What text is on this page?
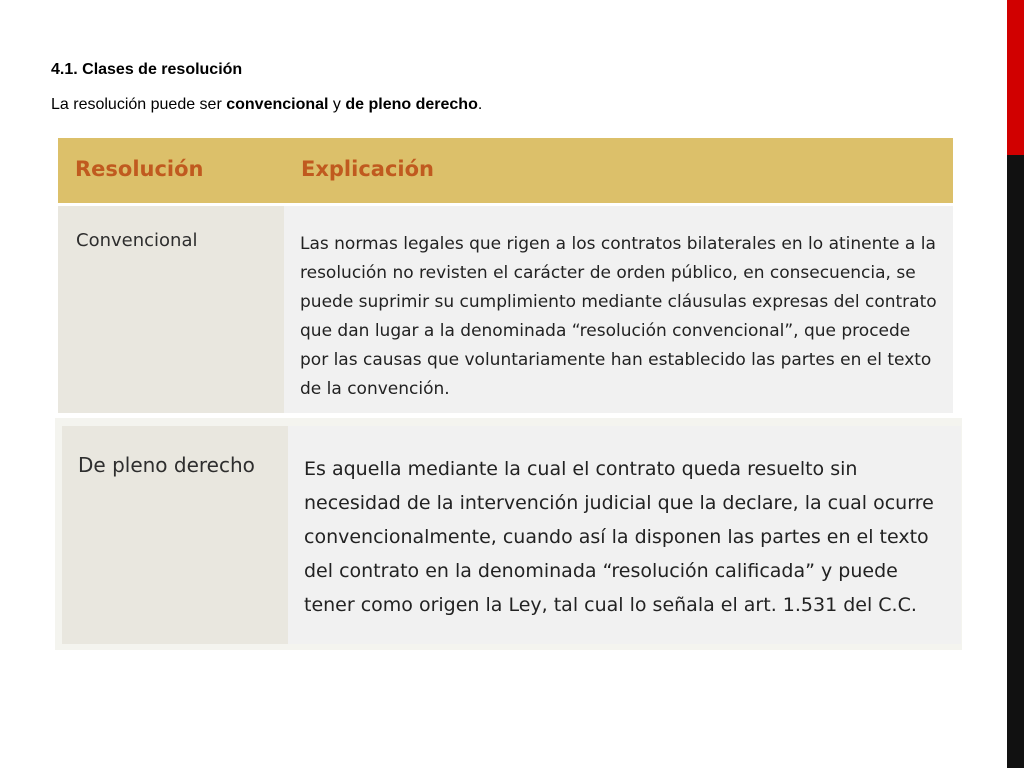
4.1. Clases de resolución
La resolución puede ser convencional y de pleno derecho.
Resolución	Explicación
Convencional	Las normas legales que rigen a los contratos bilaterales en lo atinente a la resolución no revisten el carácter de orden público, en consecuencia, se puede suprimir su cumplimiento mediante cláusulas expresas del contrato que dan lugar a la denominada “resolución convencional”, que procede por las causas que voluntariamente han establecido las partes en el texto de la convención.
De pleno derecho	Es aquella mediante la cual el contrato queda resuelto sin necesidad de la intervención judicial que la declare, la cual ocurre convencionalmente, cuando así la disponen las partes en el texto del contrato en la denominada “resolución calificada” y puede tener como origen la Ley, tal cual lo señala el art. 1.531 del C.C.
